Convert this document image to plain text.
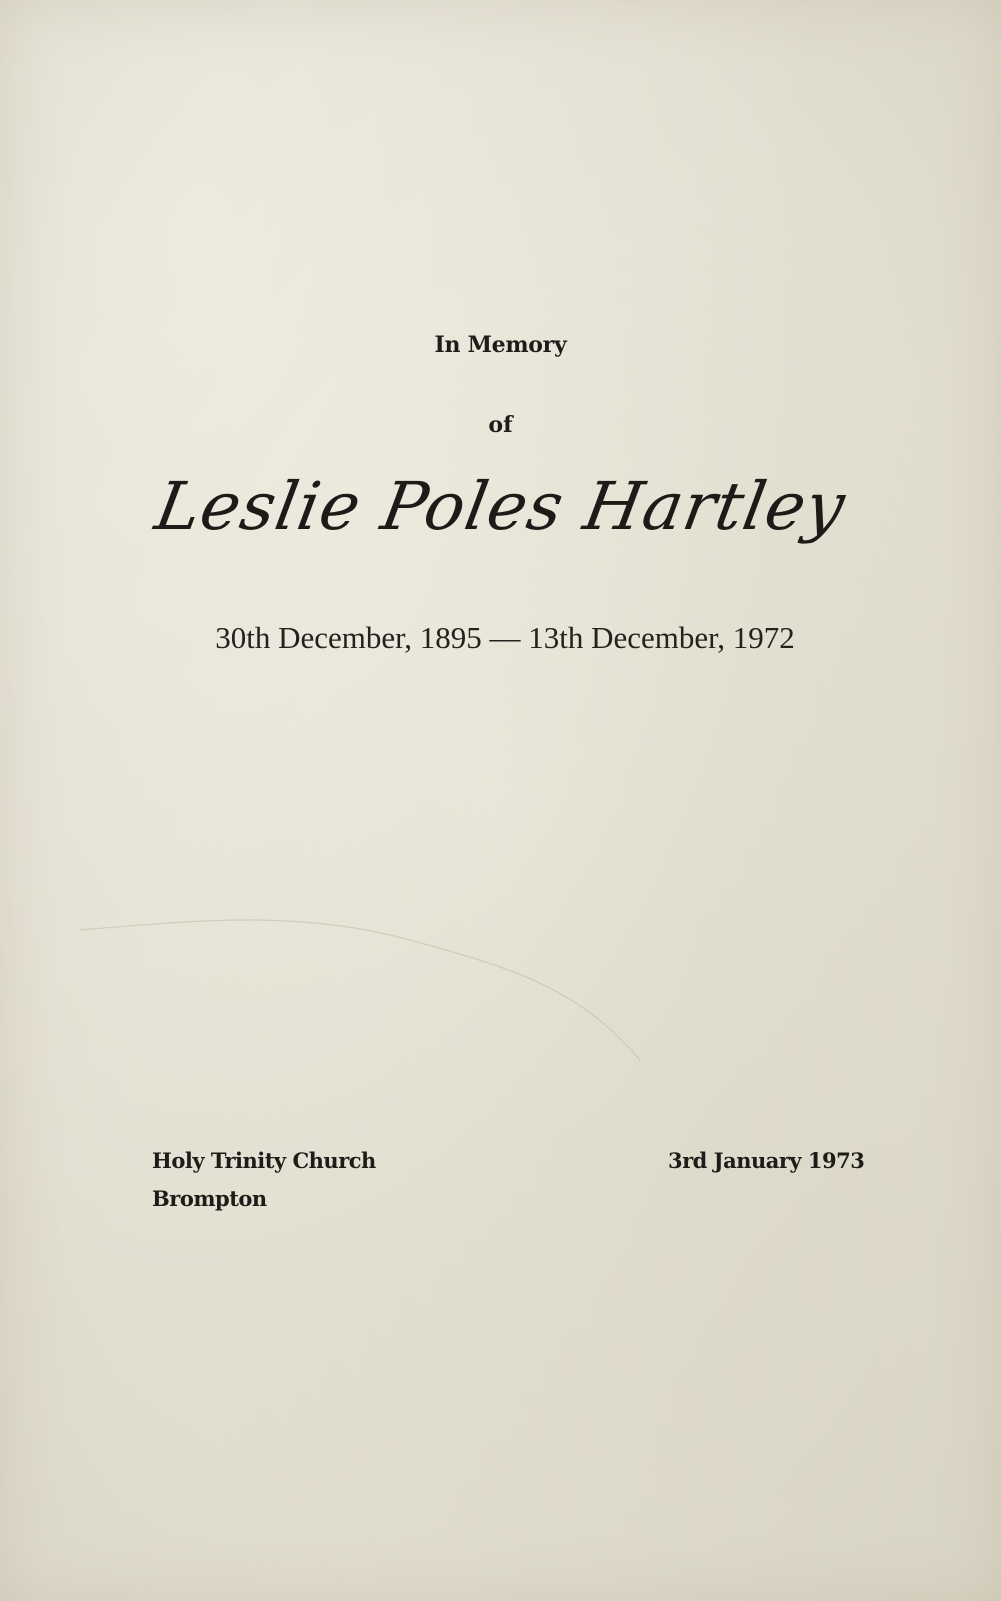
In Memory

of

Leslie Poles Hartley

30th December, 1895 — 13th December, 1972

Holy Trinity Church
Brompton
3rd January 1973
